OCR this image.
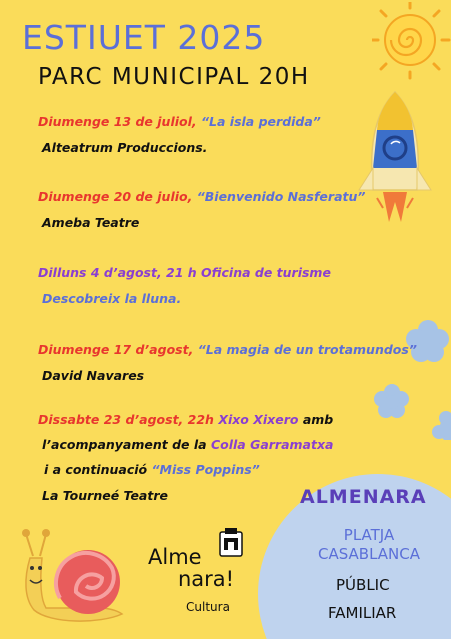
ESTIUET 2025
PARC MUNICIPAL 20H
Diumenge 13 de juliol, “La isla perdida”
Alteatrum Produccions.
Diumenge 20 de julio, “Bienvenido Nasferatu”
Ameba Teatre
Dilluns 4 d’agost, 21 h Oficina de turisme
Descobreix la lluna.
Diumenge 17 d’agost, “La magia de un trotamundos”
David Navares
Dissabte 23 d’agost, 22h Xixo Xixero amb
l’acompanyament de la Colla Garramatxa
i a continuació “Miss Poppins”
La Tourneé Teatre	ALMENARA
PLATJA
CASABLANCA
PÚBLIC
FAMILIAR
Alme
nara!
Cultura
